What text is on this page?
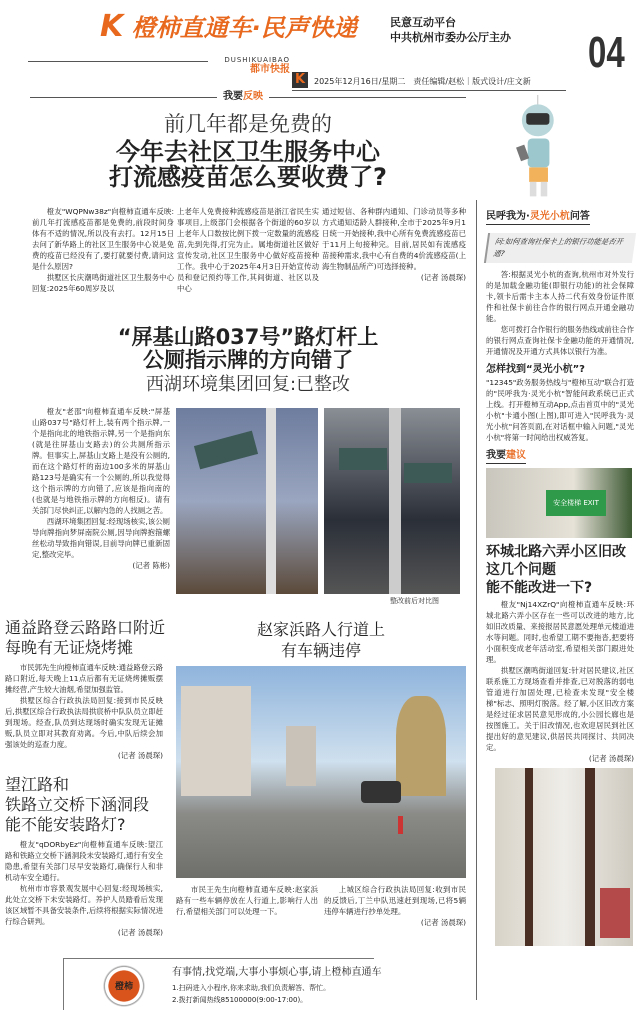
K 橙柿直通车·民声快递	民意互动平台
中共杭州市委办公厅主办 04
DUSHIKUAIBAO
都市快报
K	2025年12月16日/星期二　责任编辑/赵松｜版式设计/庄文新
我要反映
前几年都是免费的
今年去社区卫生服务中心
打流感疫苗怎么要收费了?

橙友"WQPNw38z"向橙柿直通车反映:前几年打流感疫苗都是免费的,前段时间身体有不适的情况,所以没有去打。12月15日去问了新华路上的社区卫生服务中心说是免费的疫苗已经没有了,要打就要付费,请问这是什么原因?

拱墅区长庆潮鸣街道社区卫生服务中心回复:2025年60周岁及以

上老年人免费接种流感疫苗是浙江省民生实事项目,上级部门会根据各个街道的60岁以上老年人口数按比例下拨一定数量的流感疫苗,先到先得,打完为止。属地街道社区做好宣传发动,社区卫生服务中心做好疫苗接种工作。我中心于2025年4月3日开始宣传动员和登记预约等工作,其间街道、社区以及中心
通过短信、各种群内通知、门诊动员等多种方式通知适龄人群接种,全市于2025年9月1日统一开始接种,我中心所有免费流感疫苗已于11月上旬接种完。目前,居民如有流感疫苗接种需求,我中心有自费的4价流感疫苗(上海生物制品所产)可选择接种。
(记者 汤晨琛)
“屏基山路037号”路灯杆上
公厕指示牌的方向错了
西湖环境集团回复:已整改

橙友"老邵"向橙柿直通车反映:"屏基山路037号"路灯杆上,装有两个指示牌,一个是指向北的地铁指示牌,另一个是指向东(就是往屏基山支路去)的公共厕所指示牌。但事实上,屏基山支路上是没有公厕的,而在这个路灯杆的南边100多米的屏基山路123号是确实有一个公厕的,所以我觉得这个指示牌的方向错了,应该是指向南的(也就是与地铁指示牌的方向相反)。请有关部门尽快纠正,以解内急的人找厕之苦。

西湖环境集团回复:经现场核实,该公厕导向牌指向梦屏南院公厕,因导向牌抱箍螺丝松动导致指向错误,目前导向牌已重新固定,整改完毕。

(记者 陈彬)
整改前后对比图
通益路登云路路口附近
每晚有无证烧烤摊

市民郭先生向橙柿直通车反映:通益路登云路路口附近,每天晚上11点后都有无证烧烤摊贩摆摊经营,产生较大油烟,希望加强监管。

拱墅区综合行政执法局回复:接到市民反映后,拱墅区综合行政执法局拱宸桥中队队员立即赶到现场。经查,队员到达现场时确实发现无证摊贩,队员立即对其教育劝离。今后,中队后续会加强该处的巡查力度。

(记者 汤晨琛)
望江路和
铁路立交桥下涵洞段
能不能安装路灯?

橙友"qDORbyEz"向橙柿直通车反映:望江路和铁路立交桥下涵洞段未安装路灯,通行有安全隐患,希望有关部门尽早安装路灯,确保行人和非机动车安全通行。

杭州市市容景观发展中心回复:经现场核实,此处立交桥下未安装路灯。养护人员踏看后发现该区域暂不具备安装条件,后续将根据实际情况进行综合研判。

(记者 汤晨琛)
赵家浜路人行道上
有车辆违停

市民王先生向橙柿直通车反映:赵家浜路有一些车辆停放在人行道上,影响行人出行,希望相关部门可以处理一下。

上城区综合行政执法局回复:收到市民的反馈后,丁兰中队迅速赶到现场,已将5辆违停车辆进行抄单处理。

(记者 汤晨琛)
民呼我为·灵光小杭问答
问:如何查询社保卡上的银行功能是否开通?

答:根据灵光小杭的查询,杭州市对外发行的是加载金融功能(即银行功能)的社会保障卡,领卡后需卡主本人持二代有效身份证件原件和社保卡前往合作的银行网点开通金融功能。

您可拨打合作银行的服务热线或前往合作的银行网点查询社保卡金融功能的开通情况,开通情况及开通方式具体以银行为准。

怎样找到“灵光小杭”?
"12345"政务服务热线与"橙柿互动"联合打造的"民呼我为·灵光小杭"智能问政系统已正式上线。打开橙柿互动App,点击首页中的"灵光小杭"卡通小图(上图),即可进入"民呼我为·灵光小杭"问答页面,在对话框中输入问题,"灵光小杭"将第一时间给出权威答复。
我要建议
安全楼梯 EXIT
环城北路六弄小区旧改
这几个问题
能不能改进一下?

橙友"Nj14XZrQ"向橙柿直通车反映:环城北路六弄小区存在一些可以改进的地方,比如旧改质量、来接报居民意愿处理单元楼道进水等问题。同时,也希望工期不要拖沓,把要将小面积变成老年活动室,希望相关部门跟进处理。

拱墅区潮鸣街道回复:针对居民建议,社区联系施工方现场查看并排查,已对脱落的弱电管道进行加固处理,已检查未发现"安全楼梯"标志、照明灯脱落。经了解,小区旧改方案是经过征求居民意见形成的,小公园长廊也是按图施工。关于旧改情况,也欢迎居民到社区提出好的意见建议,供居民共同探讨、共同决定。

(记者 汤晨琛)
橙柿
有事情,找党端,大事小事烦心事,请上橙柿直通车
1.扫码进入小程序,你来求助,我们负责解答、帮忙。
2.拨打新闻热线85100000(9:00-17:00)。
